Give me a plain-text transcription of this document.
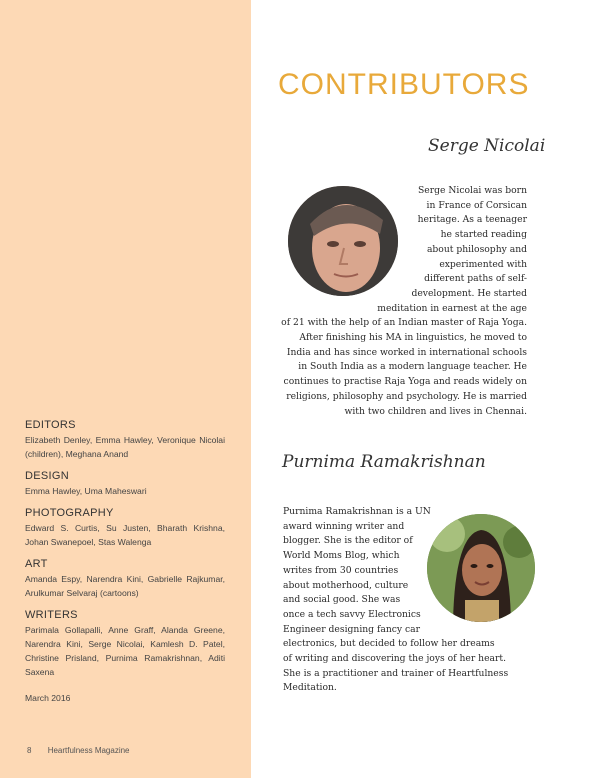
EDITORS
Elizabeth Denley, Emma Hawley, Veronique Nicolai (children), Meghana Anand
DESIGN
Emma Hawley, Uma Maheswari
PHOTOGRAPHY
Edward S. Curtis, Su Justen, Bharath Krishna, Johan Swanepoel, Stas Walenga
ART
Amanda Espy, Narendra Kini, Gabrielle Rajkumar, Arulkumar Selvaraj (cartoons)
WRITERS
Parimala Gollapalli, Anne Graff, Alanda Greene, Narendra Kini, Serge Nicolai, Kamlesh D. Patel, Christine Prisland, Purnima Ramakrishnan, Aditi Saxena
March 2016
8 Heartfulness Magazine
CONTRIBUTORS
Serge Nicolai
Serge Nicolai was born
in France of Corsican
heritage. As a teenager
he started reading
about philosophy and
experimented with
different paths of self-
development. He started
meditation in earnest at the age
of 21 with the help of an Indian master of Raja Yoga.
After finishing his MA in linguistics, he moved to
India and has since worked in international schools
in South India as a modern language teacher. He
continues to practise Raja Yoga and reads widely on
religions, philosophy and psychology. He is married
with two children and lives in Chennai.
Purnima Ramakrishnan
Purnima Ramakrishnan is a UN
award winning writer and
blogger. She is the editor of
World Moms Blog, which
writes from 30 countries
about motherhood, culture
and social good. She was
once a tech savvy Electronics
Engineer designing fancy car
electronics, but decided to follow her dreams
of writing and discovering the joys of her heart.
She is a practitioner and trainer of Heartfulness
Meditation.
